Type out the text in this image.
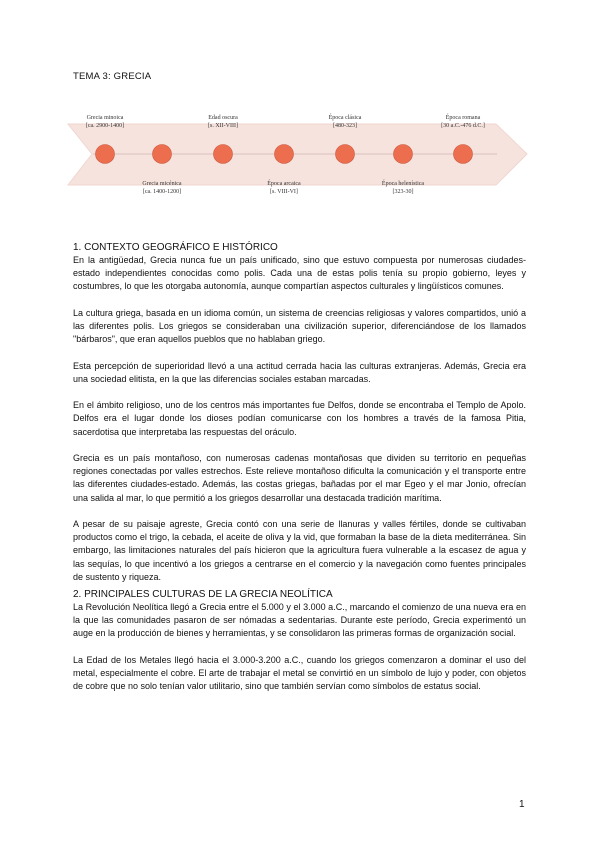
TEMA 3: GRECIA
Grecia minoica
[ca. 2900-1400]
Edad oscura
[s. XII-VIII]
Época clásica
[480-323]
Época romana
[30 a.C.-476 d.C.]
Grecia micénica
[ca. 1400-1200]
Época arcaica
[s. VIII-VI]
Época helenística
[323-30]
1. CONTEXTO GEOGRÁFICO E HISTÓRICO

En la antigüedad, Grecia nunca fue un país unificado, sino que estuvo compuesta por numerosas ciudades-estado independientes conocidas como polis. Cada una de estas polis tenía su propio gobierno, leyes y costumbres, lo que les otorgaba autonomía, aunque compartían aspectos culturales y lingüísticos comunes.

La cultura griega, basada en un idioma común, un sistema de creencias religiosas y valores compartidos, unió a las diferentes polis. Los griegos se consideraban una civilización superior, diferenciándose de los llamados "bárbaros", que eran aquellos pueblos que no hablaban griego.

Esta percepción de superioridad llevó a una actitud cerrada hacia las culturas extranjeras. Además, Grecia era una sociedad elitista, en la que las diferencias sociales estaban marcadas.

En el ámbito religioso, uno de los centros más importantes fue Delfos, donde se encontraba el Templo de Apolo. Delfos era el lugar donde los dioses podían comunicarse con los hombres a través de la famosa Pitia, sacerdotisa que interpretaba las respuestas del oráculo.

Grecia es un país montañoso, con numerosas cadenas montañosas que dividen su territorio en pequeñas regiones conectadas por valles estrechos. Este relieve montañoso dificulta la comunicación y el transporte entre las diferentes ciudades-estado. Además, las costas griegas, bañadas por el mar Egeo y el mar Jonio, ofrecían una salida al mar, lo que permitió a los griegos desarrollar una destacada tradición marítima.

A pesar de su paisaje agreste, Grecia contó con una serie de llanuras y valles fértiles, donde se cultivaban productos como el trigo, la cebada, el aceite de oliva y la vid, que formaban la base de la dieta mediterránea. Sin embargo, las limitaciones naturales del país hicieron que la agricultura fuera vulnerable a la escasez de agua y las sequías, lo que incentivó a los griegos a centrarse en el comercio y la navegación como fuentes principales de sustento y riqueza.

2. PRINCIPALES CULTURAS DE LA GRECIA NEOLÍTICA

La Revolución Neolítica llegó a Grecia entre el 5.000 y el 3.000 a.C., marcando el comienzo de una nueva era en la que las comunidades pasaron de ser nómadas a sedentarias. Durante este período, Grecia experimentó un auge en la producción de bienes y herramientas, y se consolidaron las primeras formas de organización social.

La Edad de los Metales llegó hacia el 3.000-3.200 a.C., cuando los griegos comenzaron a dominar el uso del metal, especialmente el cobre. El arte de trabajar el metal se convirtió en un símbolo de lujo y poder, con objetos de cobre que no solo tenían valor utilitario, sino que también servían como símbolos de estatus social.

1
